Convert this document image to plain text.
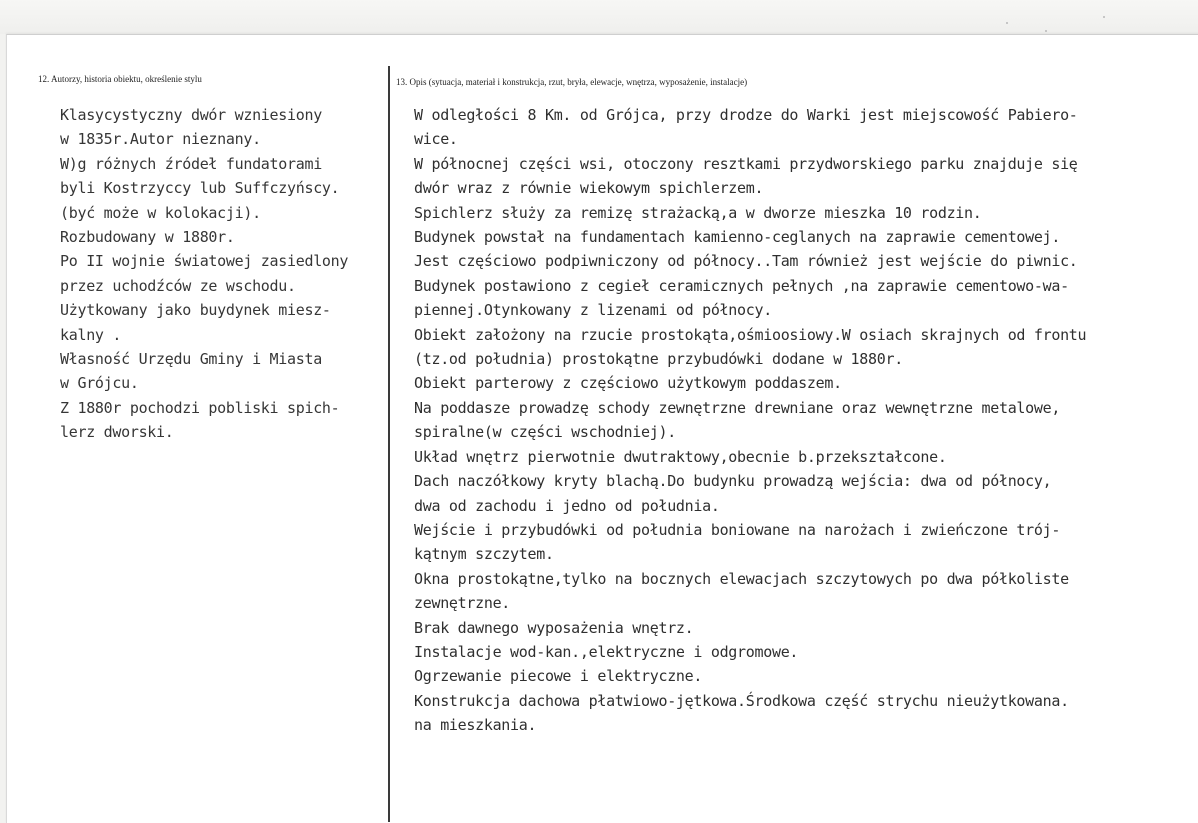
12. Autorzy, historia obiektu, określenie stylu	13. Opis (sytuacja, materiał i konstrukcja, rzut, bryła, elewacje, wnętrza, wyposażenie, instalacje)
Klasycystyczny dwór wzniesiony
w 1835r.Autor nieznany.
W)g różnych źródeł fundatorami
byli Kostrzyccy lub Suffczyńscy.
(być może w kolokacji).
Rozbudowany w 1880r.
Po II wojnie światowej zasiedlony
przez uchodźców ze wschodu.
Użytkowany jako buydynek miesz-
kalny .
Własność Urzędu Gminy i Miasta
w Grójcu.
Z 1880r pochodzi pobliski spich-
lerz dworski.
W odległości 8 Km. od Grójca, przy drodze do Warki jest miejscowość Pabiero-
wice.
W północnej części wsi, otoczony resztkami przydworskiego parku znajduje się
dwór wraz z równie wiekowym spichlerzem.
Spichlerz służy za remizę strażacką,a w dworze mieszka 10 rodzin.
Budynek powstał na fundamentach kamienno-ceglanych na zaprawie cementowej.
Jest częściowo podpiwniczony od północy..Tam również jest wejście do piwnic.
Budynek postawiono z cegieł ceramicznych pełnych ,na zaprawie cementowo-wa-
piennej.Otynkowany z lizenami od północy.
Obiekt założony na rzucie prostokąta,ośmioosiowy.W osiach skrajnych od frontu
(tz.od południa) prostokątne przybudówki dodane w 1880r.
Obiekt parterowy z częściowo użytkowym poddaszem.
Na poddasze prowadzę schody zewnętrzne drewniane oraz wewnętrzne metalowe,
spiralne(w części wschodniej).
Układ wnętrz pierwotnie dwutraktowy,obecnie b.przekształcone.
Dach naczółkowy kryty blachą.Do budynku prowadzą wejścia: dwa od północy,
dwa od zachodu i jedno od południa.
Wejście i przybudówki od południa boniowane na narożach i zwieńczone trój-
kątnym szczytem.
Okna prostokątne,tylko na bocznych elewacjach szczytowych po dwa półkoliste
zewnętrzne.
Brak dawnego wyposażenia wnętrz.
Instalacje wod-kan.,elektryczne i odgromowe.
Ogrzewanie piecowe i elektryczne.
Konstrukcja dachowa płatwiowo-jętkowa.Środkowa część strychu nieużytkowana.
na mieszkania.
